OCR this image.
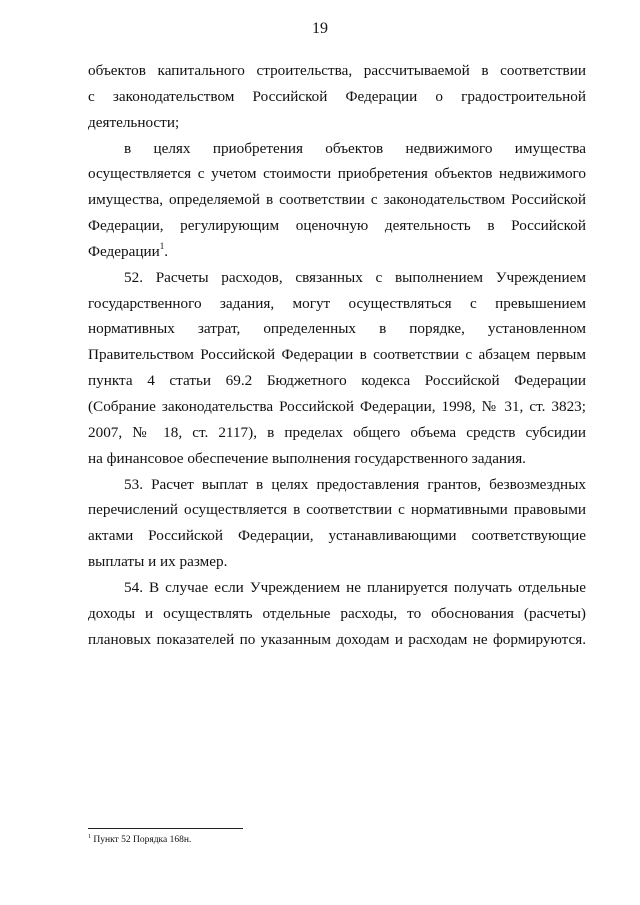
19
объектов капитального строительства, рассчитываемой в соответствии
с законодательством Российской Федерации о градостроительной
деятельности;
в целях приобретения объектов недвижимого имущества
осуществляется с учетом стоимости приобретения объектов недвижимого
имущества, определяемой в соответствии с законодательством Российской
Федерации, регулирующим оценочную деятельность в Российской
Федерации$^1$.
52. Расчеты расходов, связанных с выполнением Учреждением
государственного задания, могут осуществляться с превышением
нормативных затрат, определенных в порядке, установленном
Правительством Российской Федерации в соответствии с абзацем первым
пункта 4 статьи 69.2 Бюджетного кодекса Российской Федерации
(Собрание законодательства Российской Федерации, 1998, № 31, ст. 3823;
2007, № 18, ст. 2117), в пределах общего объема средств субсидии
на финансовое обеспечение выполнения государственного задания.
53. Расчет выплат в целях предоставления грантов, безвозмездных
перечислений осуществляется в соответствии с нормативными правовыми
актами Российской Федерации, устанавливающими соответствующие
выплаты и их размер.
54. В случае если Учреждением не планируется получать отдельные
доходы и осуществлять отдельные расходы, то обоснования (расчеты)
плановых показателей по указанным доходам и расходам не формируются.
$^1$ Пункт 52 Порядка 168н.
